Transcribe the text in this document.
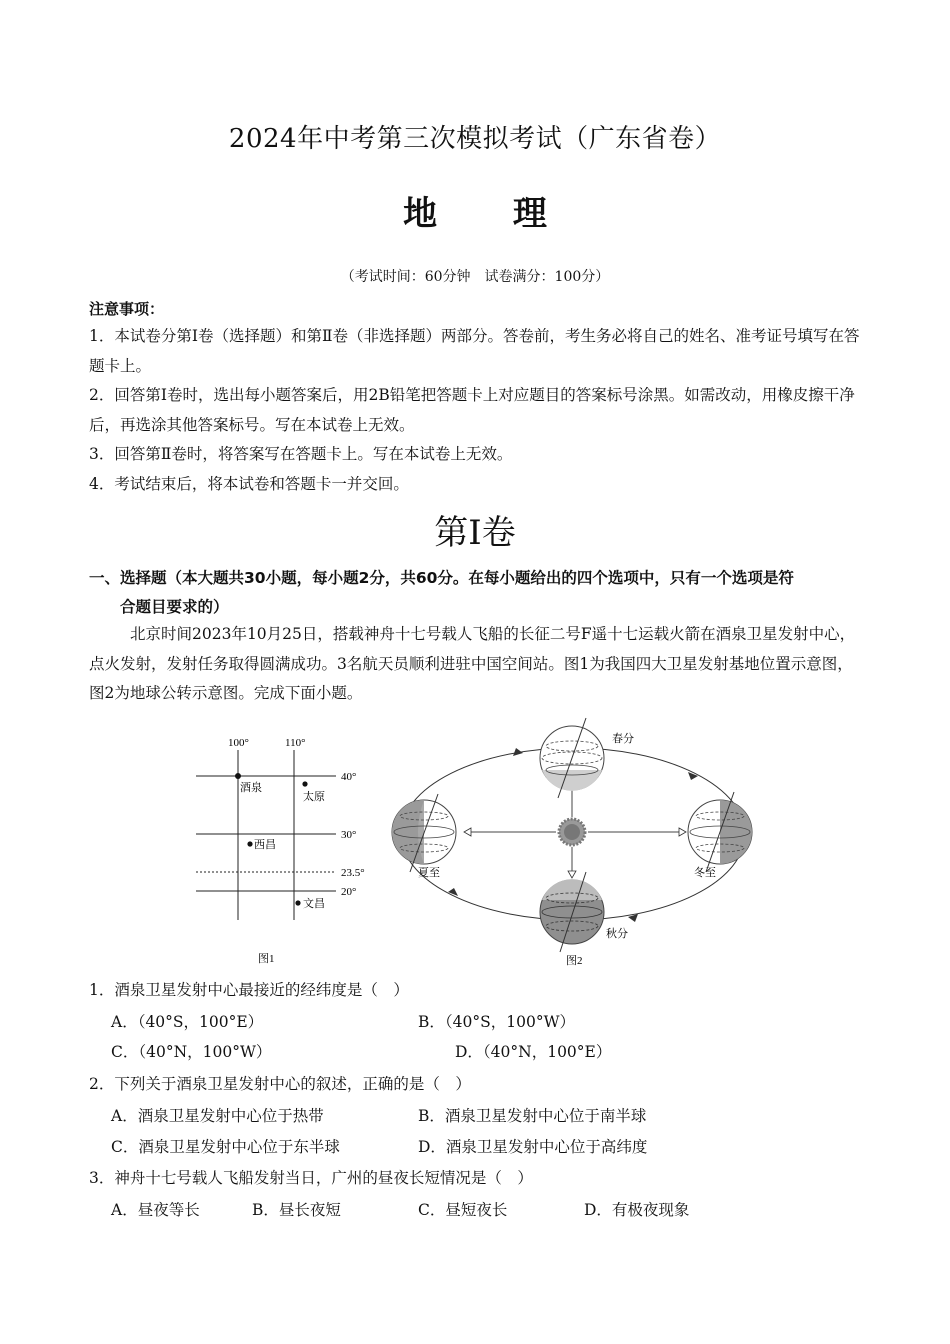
2024年中考第三次模拟考试（广东省卷）
地 理
（考试时间：60分钟　试卷满分：100分）
注意事项：
1．本试卷分第Ⅰ卷（选择题）和第Ⅱ卷（非选择题）两部分。答卷前，考生务必将自己的姓名、准考证号填写在答题卡上。
2．回答第Ⅰ卷时，选出每小题答案后，用2B铅笔把答题卡上对应题目的答案标号涂黑。如需改动，用橡皮擦干净后，再选涂其他答案标号。写在本试卷上无效。
3．回答第Ⅱ卷时，将答案写在答题卡上。写在本试卷上无效。
4．考试结束后，将本试卷和答题卡一并交回。
第Ⅰ卷
一、选择题（本大题共30小题，每小题2分，共60分。在每小题给出的四个选项中，只有一个选项是符
合题目要求的）
北京时间2023年10月25日，搭载神舟十七号载人飞船的长征二号F遥十七运载火箭在酒泉卫星发射中心，点火发射，发射任务取得圆满成功。3名航天员顺利进驻中国空间站。图1为我国四大卫星发射基地位置示意图，图2为地球公转示意图。完成下面小题。
100°	110°
40°
30°
23.5°
20°
酒泉
太原
西昌
文昌
图1
春分
夏至	冬至
秋分
图2
1．酒泉卫星发射中心最接近的经纬度是（　）
A．（40°S，100°E）	B．（40°S，100°W）
C．（40°N，100°W）	D．（40°N，100°E）
2．下列关于酒泉卫星发射中心的叙述，正确的是（　）
A．酒泉卫星发射中心位于热带	B．酒泉卫星发射中心位于南半球
C．酒泉卫星发射中心位于东半球	D．酒泉卫星发射中心位于高纬度
3．神舟十七号载人飞船发射当日，广州的昼夜长短情况是（　）
A．昼夜等长	B．昼长夜短	C．昼短夜长	D．有极夜现象
